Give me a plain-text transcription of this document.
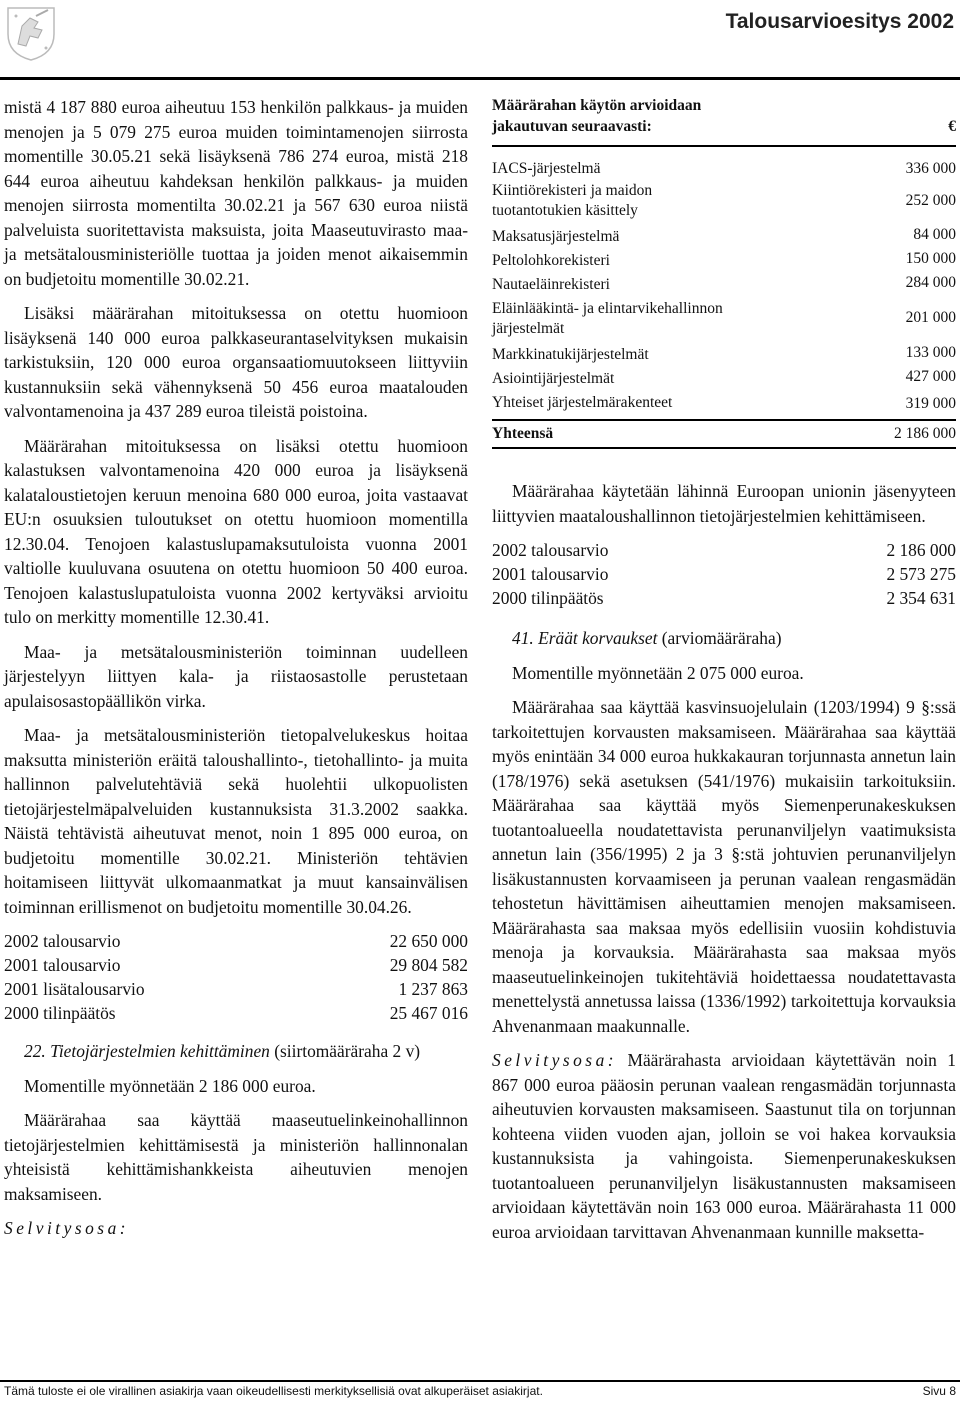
Talousarvioesitys 2002

mistä 4 187 880 euroa aiheutuu 153 henkilön palkkaus- ja muiden menojen ja 5 079 275 euroa muiden toimintamenojen siirrosta momentille 30.05.21 sekä lisäyksenä 786 274 euroa, mistä 218 644 euroa aiheutuu kahdeksan henkilön palkkaus- ja muiden menojen siirrosta momentilta 30.02.21 ja 567 630 euroa niistä palveluista suoritettavista maksuista, joita Maaseutuvirasto maa- ja metsätalousministeriölle tuottaa ja joiden menot aikaisemmin on budjetoitu momentille 30.02.21.

Lisäksi määrärahan mitoituksessa on otettu huomioon lisäyksenä 140 000 euroa palkkaseurantaselvityksen mukaisin tarkistuksiin, 120 000 euroa organsaatiomuutokseen liittyviin kustannuksiin sekä vähennyksenä 50 456 euroa maatalouden valvontamenoina ja 437 289 euroa tileistä poistoina.

Määrärahan mitoituksessa on lisäksi otettu huomioon kalastuksen valvontamenoina 420 000 euroa ja lisäyksenä kalataloustietojen keruun menoina 680 000 euroa, joita vastaavat EU:n osuuksien tuloutukset on otettu huomioon momentilla 12.30.04. Tenojoen kalastuslupamaksutuloista vuonna 2001 valtiolle kuuluvana osuutena on otettu huomioon 50 400 euroa. Tenojoen kalastuslupatuloista vuonna 2002 kertyväksi arvioitu tulo on merkitty momentille 12.30.41.

Maa- ja metsätalousministeriön toiminnan uudelleen järjestelyyn liittyen kala- ja riistaosastolle perustetaan apulaisosastopäällikön virka.

Maa- ja metsätalousministeriön tietopalvelukeskus hoitaa maksutta ministeriön eräitä taloushallinto-, tietohallinto- ja muita hallinnon palvelutehtäviä sekä huolehtii ulkopuolisten tietojärjestelmäpalveluiden kustannuksista 31.3.2002 saakka. Näistä tehtävistä aiheutuvat menot, noin 1 895 000 euroa, on budjetoitu momentille 30.02.21. Ministeriön tehtävien hoitamiseen liittyvät ulkomaanmatkat ja muut kansainvälisen toiminnan erillismenot on budjetoitu momentille 30.04.26.

2002 talousarvio	22 650 000
2001 talousarvio	29 804 582
2001 lisätalousarvio	1 237 863
2000 tilinpäätös	25 467 016

22. Tietojärjestelmien kehittäminen (siirtomääräraha 2 v)

Momentille myönnetään 2 186 000 euroa.

Määrärahaa saa käyttää maaseutuelinkeinohallinnon tietojärjestelmien kehittämisestä ja ministeriön hallinnonalan yhteisistä kehittämishankkeista aiheutuvien menojen maksamiseen.

Selvitysosa:

Määrärahan käytön arvioidaan jakautuvan seuraavasti:	€

IACS-järjestelmä	336 000
Kiintiörekisteri ja maidon tuotantotukien käsittely	252 000
Maksatusjärjestelmä	84 000
Peltolohkorekisteri	150 000
Nautaeläinrekisteri	284 000
Eläinlääkintä- ja elintarvikehallinnon järjestelmät	201 000
Markkinatukijärjestelmät	133 000
Asiointijärjestelmät	427 000
Yhteiset järjestelmärakenteet	319 000
Yhteensä	2 186 000

Määrärahaa käytetään lähinnä Euroopan unionin jäsenyyteen liittyvien maataloushallinnon tietojärjestelmien kehittämiseen.

2002 talousarvio	2 186 000
2001 talousarvio	2 573 275
2000 tilinpäätös	2 354 631

41. Eräät korvaukset (arviomääräraha)

Momentille myönnetään 2 075 000 euroa.

Määrärahaa saa käyttää kasvinsuojelulain (1203/1994) 9 §:ssä tarkoitettujen korvausten maksamiseen. Määrärahaa saa käyttää myös enintään 34 000 euroa hukkakauran torjunnasta annetun lain (178/1976) sekä asetuksen (541/1976) mukaisiin tarkoituksiin. Määrärahaa saa käyttää myös Siemenperunakeskuksen tuotantoalueella noudatettavista perunanviljelyn vaatimuksista annetun lain (356/1995) 2 ja 3 §:stä johtuvien perunanviljelyn lisäkustannusten korvaamiseen ja perunan vaalean rengasmädän tehostetun hävittämisen aiheuttamien menojen maksamiseen. Määrärahasta saa maksaa myös edellisiin vuosiin kohdistuvia menoja ja korvauksia. Määrärahasta saa maksaa myös maaseutuelinkeinojen tukitehtäviä hoidettaessa noudatettavasta menettelystä annetussa laissa (1336/1992) tarkoitettuja korvauksia Ahvenanmaan maakunnalle.

Selvitysosa: Määrärahasta arvioidaan käytettävän noin 1 867 000 euroa pääosin perunan vaalean rengasmädän torjunnasta aiheutuvien korvausten maksamiseen. Saastunut tila on torjunnan kohteena viiden vuoden ajan, jolloin se voi hakea korvauksia kustannuksista ja vahingoista. Siemenperunakeskuksen tuotantoalueen perunanviljelyn lisäkustannusten maksamiseen arvioidaan käytettävän noin 163 000 euroa. Määrärahasta 11 000 euroa arvioidaan tarvittavan Ahvenanmaan kunnille maksetta-

Tämä tuloste ei ole virallinen asiakirja vaan oikeudellisesti merkityksellisiä ovat alkuperäiset asiakirjat.	Sivu 8
